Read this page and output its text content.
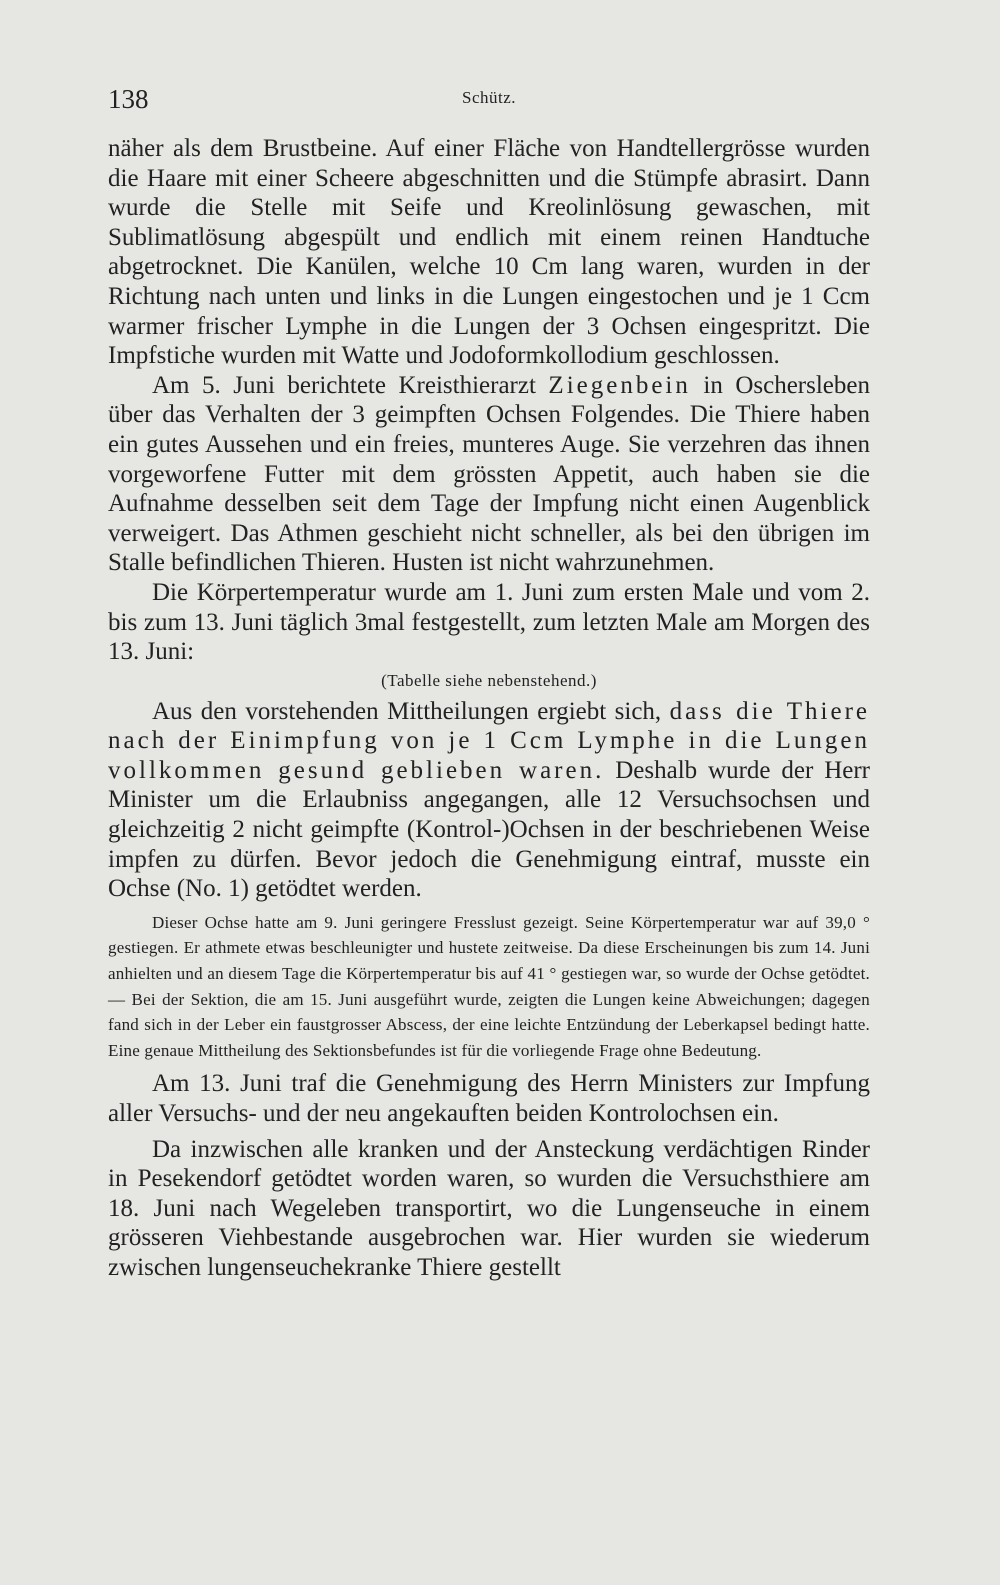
138	Schütz.

näher als dem Brustbeine. Auf einer Fläche von Handtellergrösse wurden die Haare mit einer Scheere abgeschnitten und die Stümpfe abrasirt. Dann wurde die Stelle mit Seife und Kreolinlösung gewaschen, mit Sublimatlösung abgespült und endlich mit einem reinen Handtuche abgetrocknet. Die Kanülen, welche 10 Cm lang waren, wurden in der Richtung nach unten und links in die Lungen eingestochen und je 1 Ccm warmer frischer Lymphe in die Lungen der 3 Ochsen eingespritzt. Die Impfstiche wurden mit Watte und Jodoformkollodium geschlossen.

Am 5. Juni berichtete Kreisthierarzt Ziegenbein in Oschersleben über das Verhalten der 3 geimpften Ochsen Folgendes. Die Thiere haben ein gutes Aussehen und ein freies, munteres Auge. Sie verzehren das ihnen vorgeworfene Futter mit dem grössten Appetit, auch haben sie die Aufnahme desselben seit dem Tage der Impfung nicht einen Augenblick verweigert. Das Athmen geschieht nicht schneller, als bei den übrigen im Stalle befindlichen Thieren. Husten ist nicht wahrzunehmen.

Die Körpertemperatur wurde am 1. Juni zum ersten Male und vom 2. bis zum 13. Juni täglich 3mal festgestellt, zum letzten Male am Morgen des 13. Juni:

(Tabelle siehe nebenstehend.)

Aus den vorstehenden Mittheilungen ergiebt sich, dass die Thiere nach der Einimpfung von je 1 Ccm Lymphe in die Lungen vollkommen gesund geblieben waren. Deshalb wurde der Herr Minister um die Erlaubniss angegangen, alle 12 Versuchsochsen und gleichzeitig 2 nicht geimpfte (Kontrol-)Ochsen in der beschriebenen Weise impfen zu dürfen. Bevor jedoch die Genehmigung eintraf, musste ein Ochse (No. 1) getödtet werden.

Dieser Ochse hatte am 9. Juni geringere Fresslust gezeigt. Seine Körpertemperatur war auf 39,0 ° gestiegen. Er athmete etwas beschleunigter und hustete zeitweise. Da diese Erscheinungen bis zum 14. Juni anhielten und an diesem Tage die Körpertemperatur bis auf 41 ° gestiegen war, so wurde der Ochse getödtet. — Bei der Sektion, die am 15. Juni ausgeführt wurde, zeigten die Lungen keine Abweichungen; dagegen fand sich in der Leber ein faustgrosser Abscess, der eine leichte Entzündung der Leberkapsel bedingt hatte. Eine genaue Mittheilung des Sektionsbefundes ist für die vorliegende Frage ohne Bedeutung.

Am 13. Juni traf die Genehmigung des Herrn Ministers zur Impfung aller Versuchs- und der neu angekauften beiden Kontrolochsen ein.

Da inzwischen alle kranken und der Ansteckung verdächtigen Rinder in Pesekendorf getödtet worden waren, so wurden die Versuchsthiere am 18. Juni nach Wegeleben transportirt, wo die Lungenseuche in einem grösseren Viehbestande ausgebrochen war. Hier wurden sie wiederum zwischen lungenseuchekranke Thiere gestellt
